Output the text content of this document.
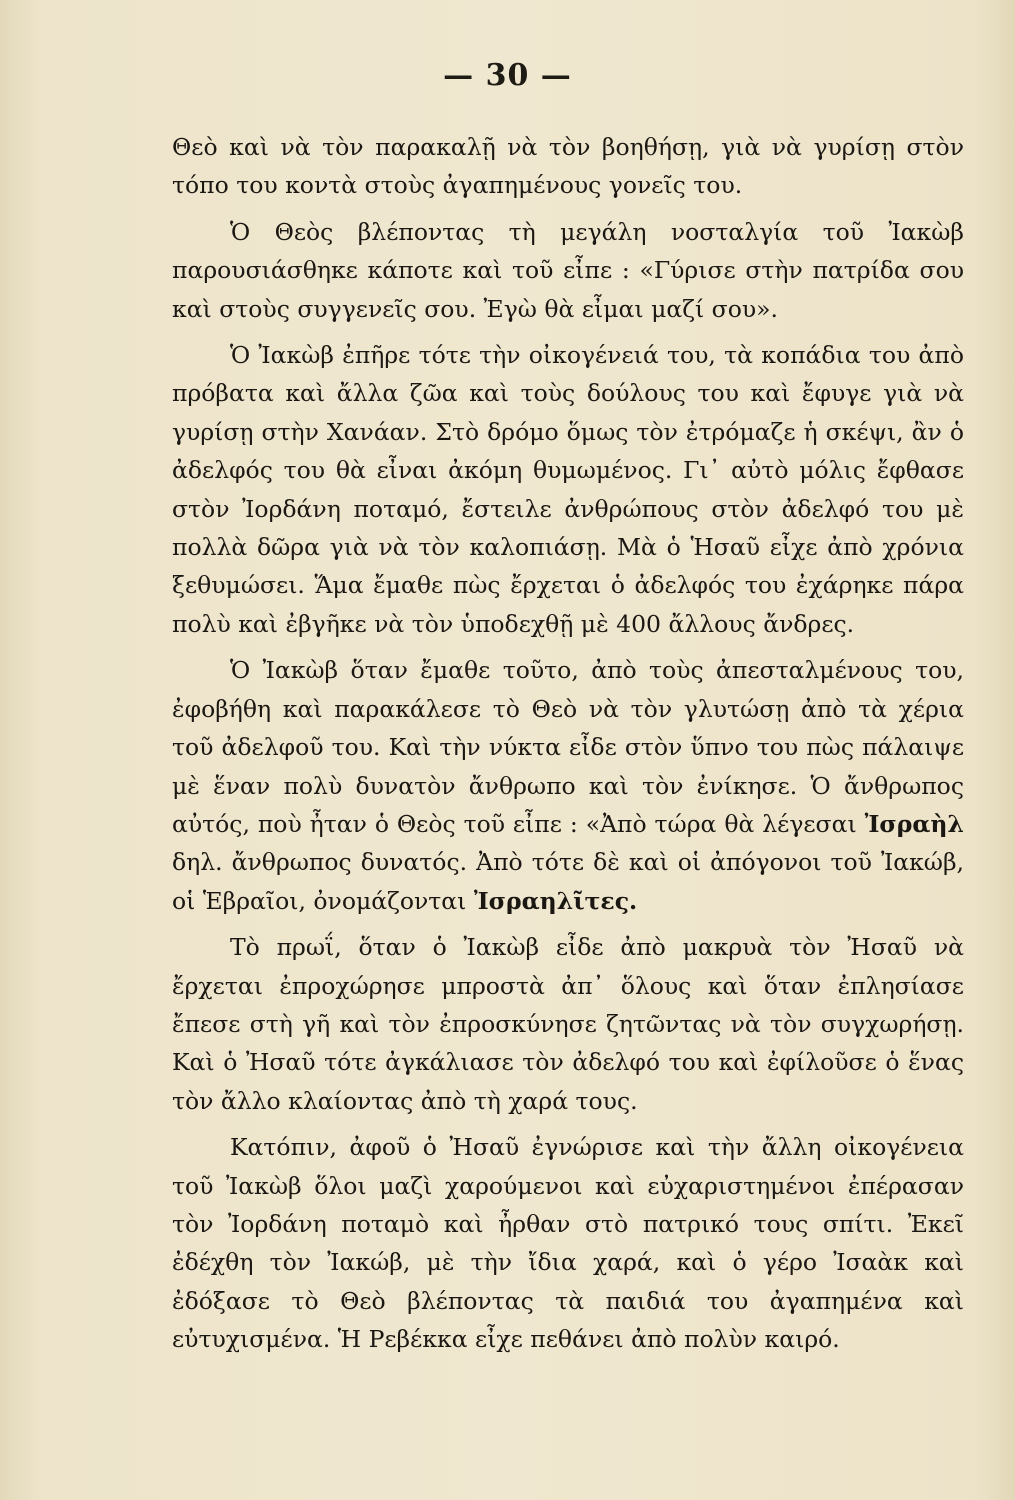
— 30 —

Θεὸ καὶ νὰ τὸν παρακαλῇ νὰ τὸν βοηθήσῃ, γιὰ νὰ γυρίσῃ στὸν τόπο του κοντὰ στοὺς ἀγαπημένους γονεῖς του.

Ὁ Θεὸς βλέποντας τὴ μεγάλη νοσταλγία τοῦ Ἰακὼβ παρουσιάσθηκε κάποτε καὶ τοῦ εἶπε : «Γύρισε στὴν πατρίδα σου καὶ στοὺς συγγενεῖς σου. Ἐγὼ θὰ εἶμαι μαζί σου».

Ὁ Ἰακὼβ ἐπῆρε τότε τὴν οἰκογένειά του, τὰ κοπάδια του ἀπὸ πρόβατα καὶ ἄλλα ζῶα καὶ τοὺς δούλους του καὶ ἔφυγε γιὰ νὰ γυρίσῃ στὴν Χανάαν. Στὸ δρόμο ὅμως τὸν ἐτρόμαζε ἡ σκέψι, ἂν ὁ ἀδελφός του θὰ εἶναι ἀκόμη θυμωμένος. Γι᾿ αὐτὸ μόλις ἔφθασε στὸν Ἰορδάνη ποταμό, ἔστειλε ἀνθρώπους στὸν ἀδελφό του μὲ πολλὰ δῶρα γιὰ νὰ τὸν καλοπιάσῃ. Μὰ ὁ Ἡσαῦ εἶχε ἀπὸ χρόνια ξεθυμώσει. Ἅμα ἔμαθε πὼς ἔρχεται ὁ ἀδελφός του ἐχάρηκε πάρα πολὺ καὶ ἐβγῆκε νὰ τὸν ὑποδεχθῇ μὲ 400 ἄλλους ἄνδρες.

Ὁ Ἰακὼβ ὅταν ἔμαθε τοῦτο, ἀπὸ τοὺς ἀπεσταλμένους του, ἐφοβήθη καὶ παρακάλεσε τὸ Θεὸ νὰ τὸν γλυτώσῃ ἀπὸ τὰ χέρια τοῦ ἀδελφοῦ του. Καὶ τὴν νύκτα εἶδε στὸν ὕπνο του πὼς πάλαιψε μὲ ἕναν πολὺ δυνατὸν ἄνθρωπο καὶ τὸν ἐνίκησε. Ὁ ἄνθρωπος αὐτός, ποὺ ἦταν ὁ Θεὸς τοῦ εἶπε : «Ἀπὸ τώρα θὰ λέγεσαι Ἰσραὴλ δηλ. ἄνθρωπος δυνατός. Ἀπὸ τότε δὲ καὶ οἱ ἀπόγονοι τοῦ Ἰακώβ, οἱ Ἑβραῖοι, ὀνομάζονται Ἰσραηλῖτες.

Τὸ πρωΐ, ὅταν ὁ Ἰακὼβ εἶδε ἀπὸ μακρυὰ τὸν Ἠσαῦ νὰ ἔρχεται ἐπροχώρησε μπροστὰ ἀπ᾿ ὅλους καὶ ὅταν ἐπλησίασε ἔπεσε στὴ γῆ καὶ τὸν ἐπροσκύνησε ζητῶντας νὰ τὸν συγχωρήσῃ. Καὶ ὁ Ἠσαῦ τότε ἀγκάλιασε τὸν ἀδελφό του καὶ ἐφίλοῦσε ὁ ἕνας τὸν ἄλλο κλαίοντας ἀπὸ τὴ χαρά τους.

Κατόπιν, ἀφοῦ ὁ Ἠσαῦ ἐγνώρισε καὶ τὴν ἄλλη οἰκογένεια τοῦ Ἰακὼβ ὅλοι μαζὶ χαρούμενοι καὶ εὐχαριστημένοι ἐπέρασαν τὸν Ἰορδάνη ποταμὸ καὶ ἦρθαν στὸ πατρικό τους σπίτι. Ἐκεῖ ἐδέχθη τὸν Ἰακώβ, μὲ τὴν ἴδια χαρά, καὶ ὁ γέρο Ἰσαὰκ καὶ ἐδόξασε τὸ Θεὸ βλέποντας τὰ παιδιά του ἀγαπημένα καὶ εὐτυχισμένα. Ἡ Ρεβέκκα εἶχε πεθάνει ἀπὸ πολὺν καιρό.
